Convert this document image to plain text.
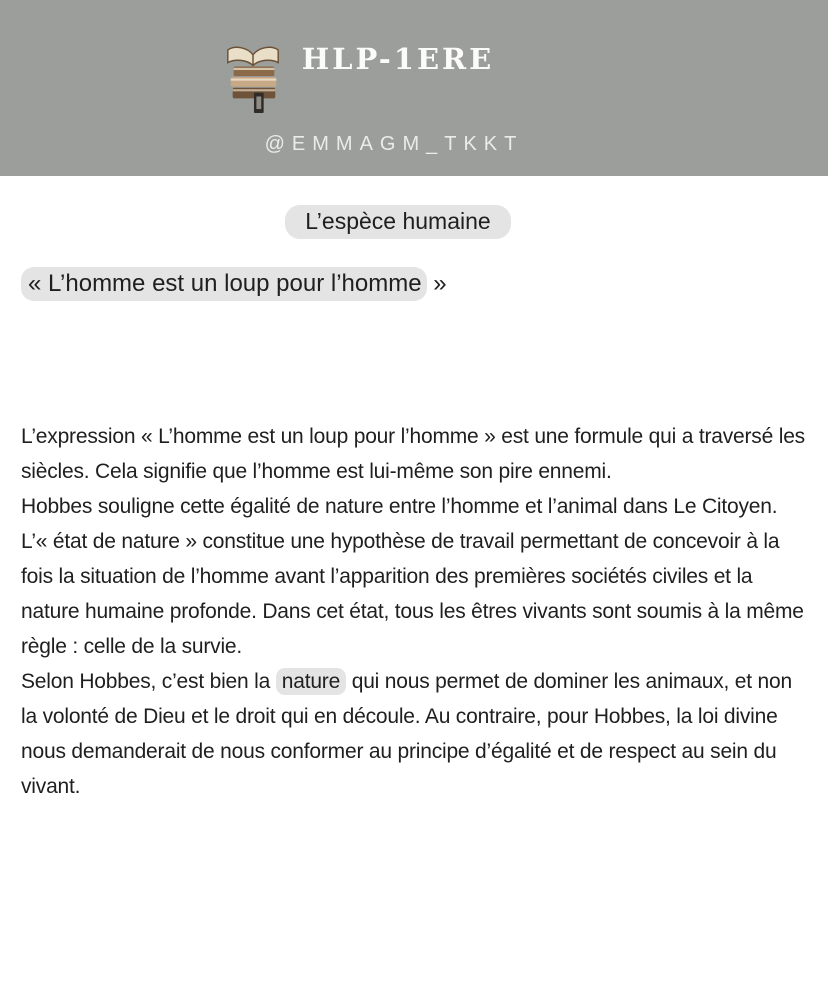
HLP-1ERE
@EMMAGM_TKKT
L’espèce humaine
« L’homme est un loup pour l’homme »

L’expression « L’homme est un loup pour l’homme » est une formule qui a traversé les siècles. Cela signifie que l’homme est lui-même son pire ennemi.

Hobbes souligne cette égalité de nature entre l’homme et l’animal dans Le Citoyen.

L’« état de nature » constitue une hypothèse de travail permettant de concevoir à la fois la situation de l’homme avant l’apparition des premières sociétés civiles et la nature humaine profonde. Dans cet état, tous les êtres vivants sont soumis à la même règle : celle de la survie.

Selon Hobbes, c’est bien la nature qui nous permet de dominer les animaux, et non la volonté de Dieu et le droit qui en découle. Au contraire, pour Hobbes, la loi divine nous demanderait de nous conformer au principe d’égalité et de respect au sein du vivant.
